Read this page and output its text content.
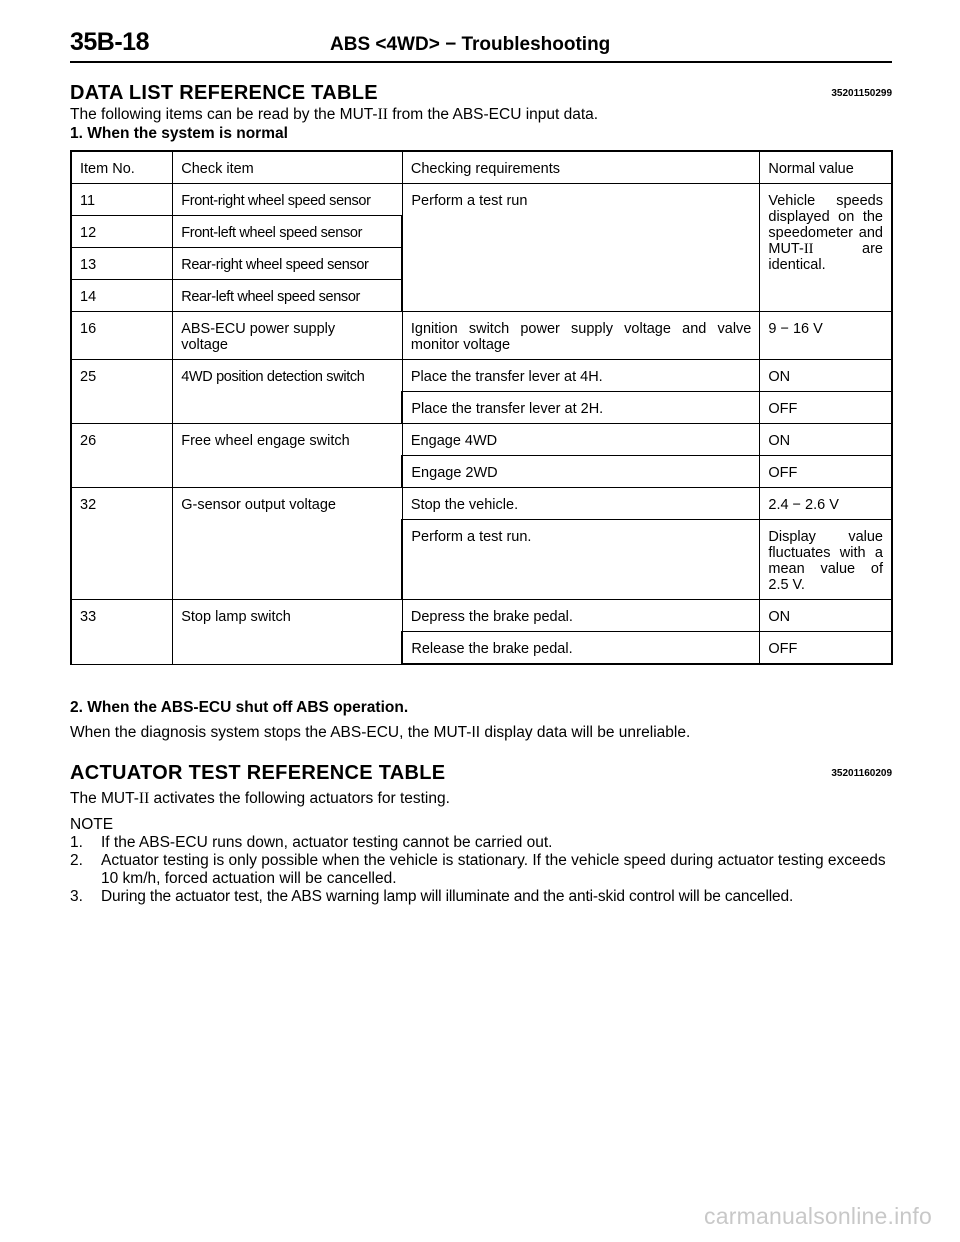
35B-18	ABS <4WD> − Troubleshooting
DATA LIST REFERENCE TABLE	35201150299
The following items can be read by the MUT-II from the ABS-ECU input data.
1. When the system is normal
Item No.	Check item	Checking requirements	Normal value
11	Front-right wheel speed sensor	Perform a test run	Vehicle speeds displayed on the speedometer and MUT-II are identical.
12	Front-left wheel speed sensor		
13	Rear-right wheel speed sensor		
14	Rear-left wheel speed sensor		
16	ABS-ECU power supply voltage	Ignition switch power supply voltage and valve monitor voltage	9 − 16 V
25	4WD position detection switch	Place the transfer lever at 4H.	ON
		Place the transfer lever at 2H.	OFF
26	Free wheel engage switch	Engage 4WD	ON
		Engage 2WD	OFF
32	G-sensor output voltage	Stop the vehicle.	2.4 − 2.6 V
		Perform a test run.	Display value fluctuates with a mean value of 2.5 V.
33	Stop lamp switch	Depress the brake pedal.	ON
		Release the brake pedal.	OFF
2. When the ABS-ECU shut off ABS operation.
When the diagnosis system stops the ABS-ECU, the MUT-II display data will be unreliable.
ACTUATOR TEST REFERENCE TABLE	35201160209
The MUT-II activates the following actuators for testing.
NOTE
1. If the ABS-ECU runs down, actuator testing cannot be carried out.
2. Actuator testing is only possible when the vehicle is stationary. If the vehicle speed during actuator testing exceeds 10 km/h, forced actuation will be cancelled.
3. During the actuator test, the ABS warning lamp will illuminate and the anti-skid control will be cancelled.
carmanualsonline.info
